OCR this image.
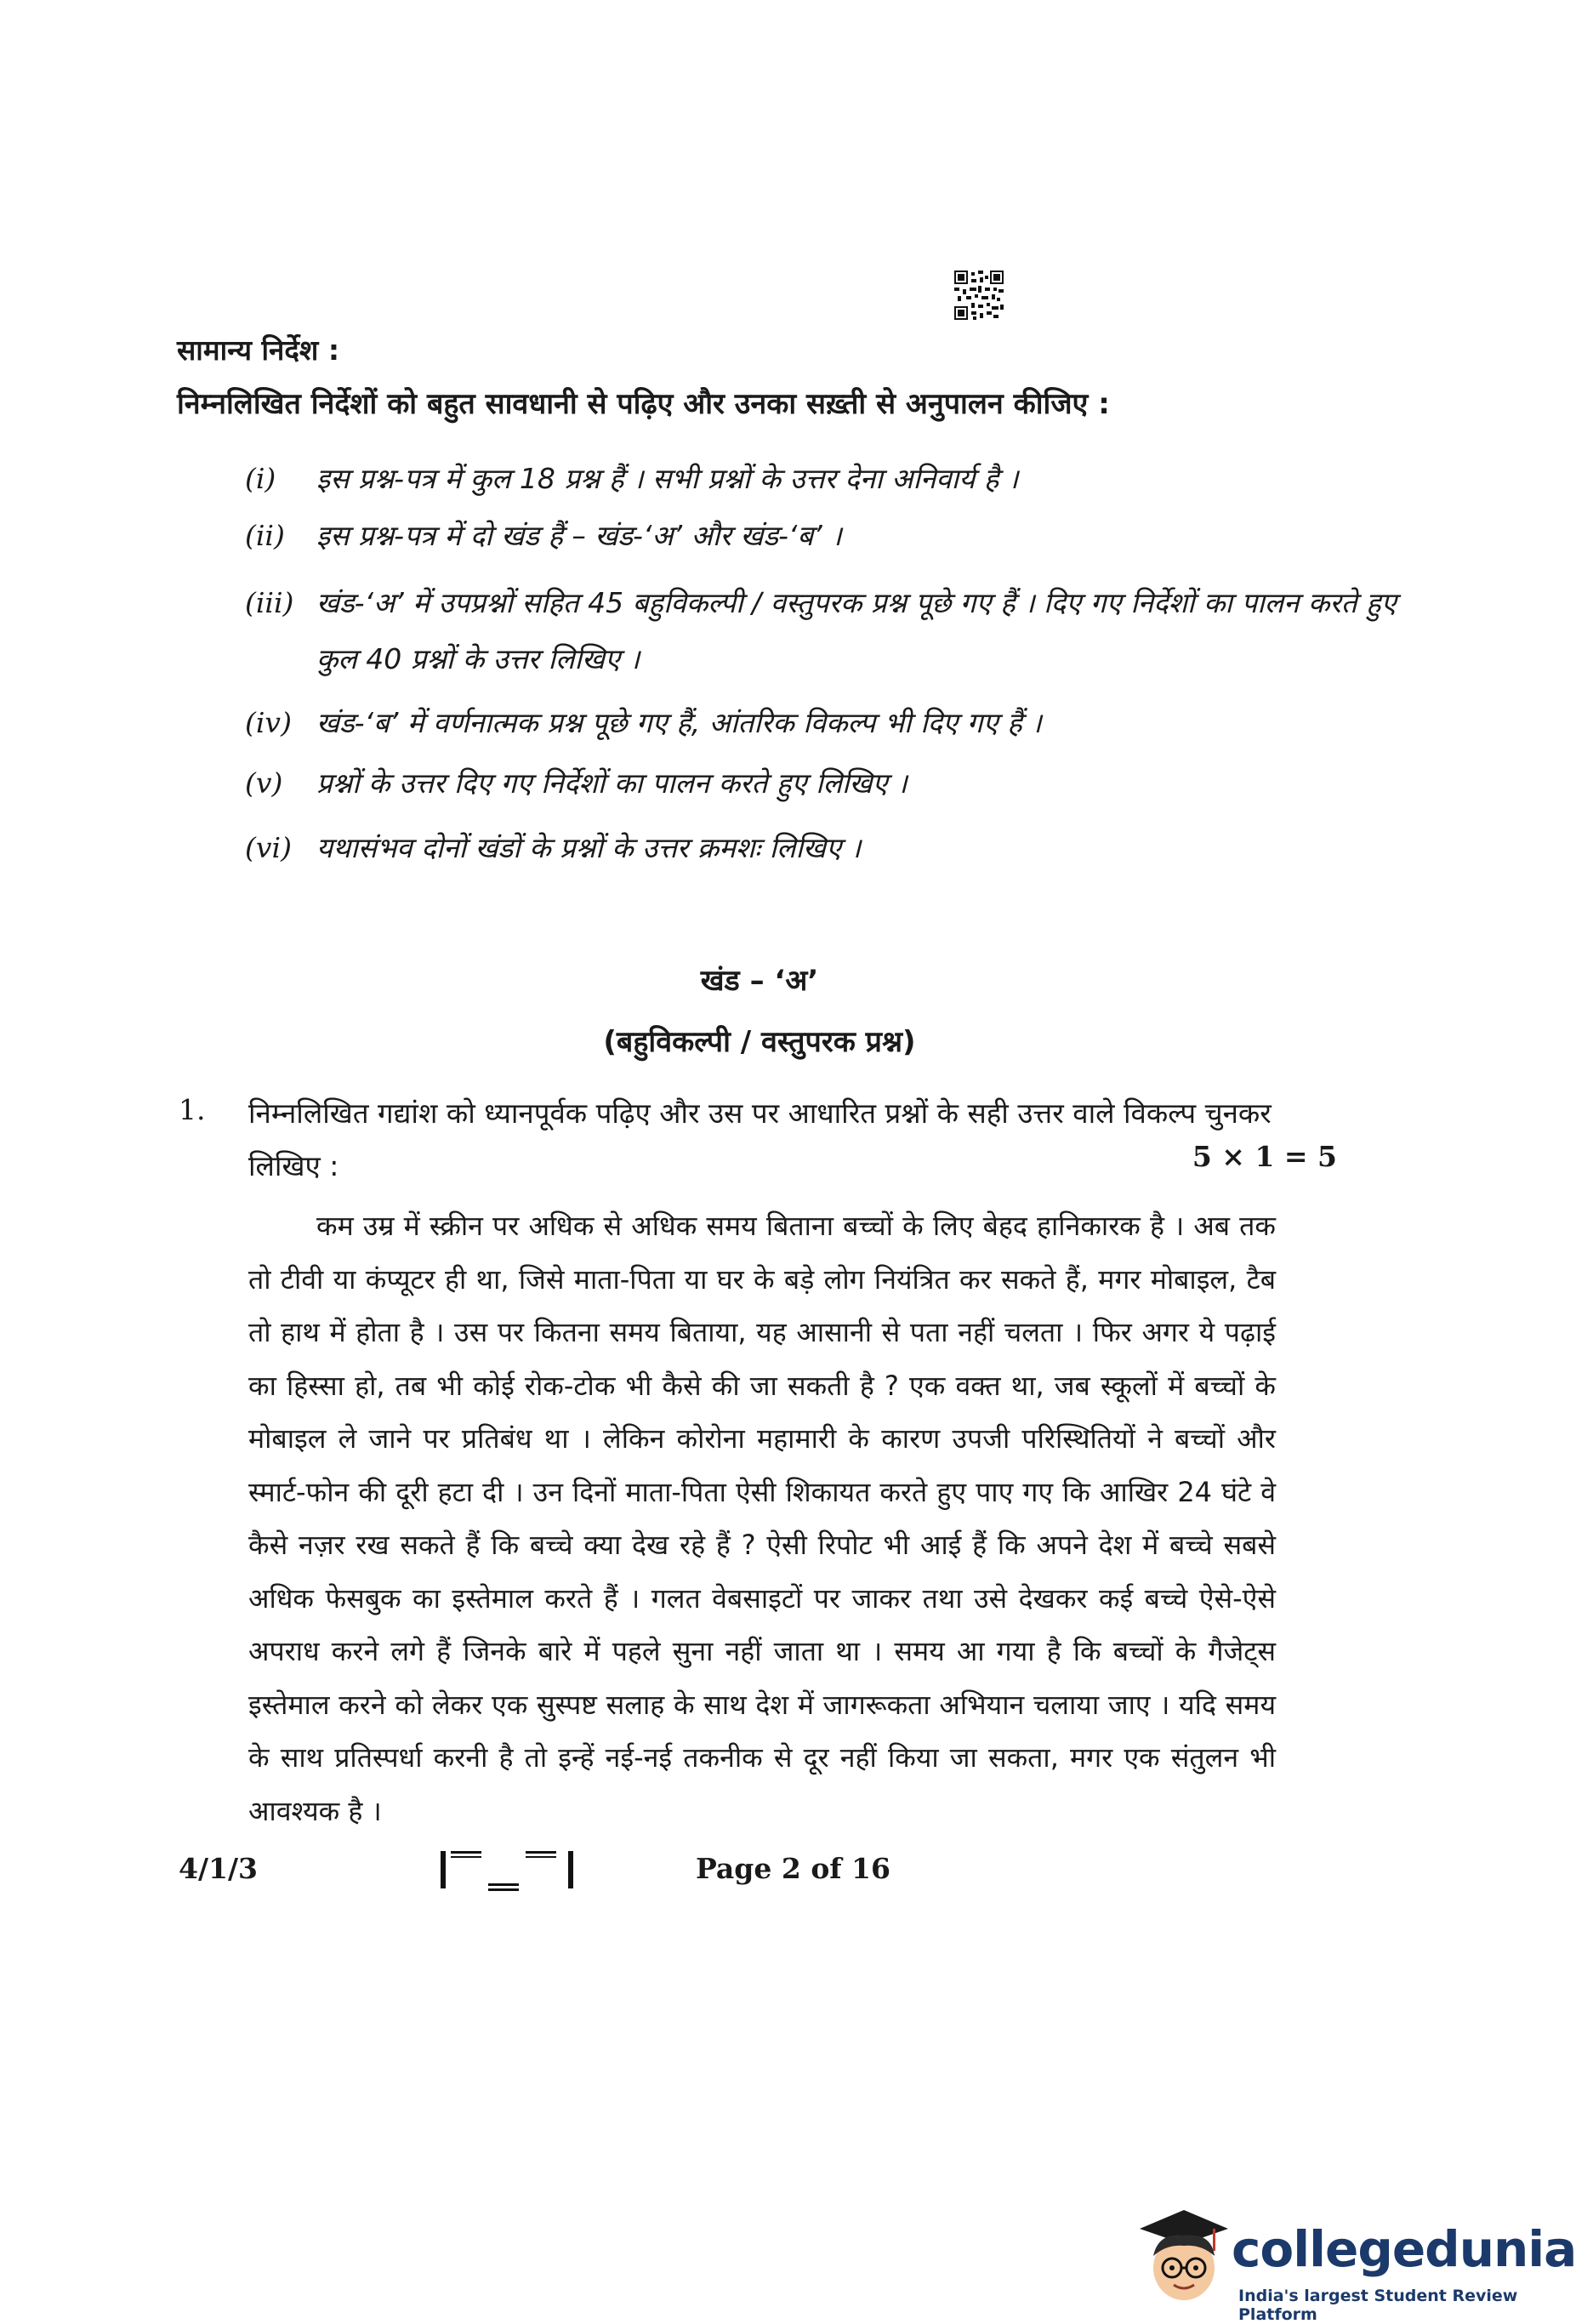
सामान्य निर्देश :
निम्नलिखित निर्देशों को बहुत सावधानी से पढ़िए और उनका सख़्ती से अनुपालन कीजिए :
(i)	इस प्रश्न-पत्र में कुल 18 प्रश्न हैं । सभी प्रश्नों के उत्तर देना अनिवार्य है ।
(ii)	इस प्रश्न-पत्र में दो खंड हैं – खंड-‘अ’ और खंड-‘ब’ ।
(iii) खंड-‘अ’ में उपप्रश्नों सहित 45 बहुविकल्पी / वस्तुपरक प्रश्न पूछे गए हैं । दिए गए निर्देशों का पालन करते हुए कुल 40 प्रश्नों के उत्तर लिखिए ।
(iv) खंड-‘ब’ में वर्णनात्मक प्रश्न पूछे गए हैं, आंतरिक विकल्प भी दिए गए हैं ।
(v)	प्रश्नों के उत्तर दिए गए निर्देशों का पालन करते हुए लिखिए ।
(vi) यथासंभव दोनों खंडों के प्रश्नों के उत्तर क्रमशः लिखिए ।
खंड – ‘अ’
(बहुविकल्पी / वस्तुपरक प्रश्न)
1. निम्नलिखित गद्यांश को ध्यानपूर्वक पढ़िए और उस पर आधारित प्रश्नों के सही उत्तर वाले विकल्प चुनकर लिखिए :	5 × 1 = 5
कम उम्र में स्क्रीन पर अधिक से अधिक समय बिताना बच्चों के लिए बेहद हानिकारक है । अब तक तो टीवी या कंप्यूटर ही था, जिसे माता-पिता या घर के बड़े लोग नियंत्रित कर सकते हैं, मगर मोबाइल, टैब तो हाथ में होता है । उस पर कितना समय बिताया, यह आसानी से पता नहीं चलता । फिर अगर ये पढ़ाई का हिस्सा हो, तब भी कोई रोक-टोक भी कैसे की जा सकती है ? एक वक्त था, जब स्कूलों में बच्चों के मोबाइल ले जाने पर प्रतिबंध था । लेकिन कोरोना महामारी के कारण उपजी परिस्थितियों ने बच्चों और स्मार्ट-फोन की दूरी हटा दी । उन दिनों माता-पिता ऐसी शिकायत करते हुए पाए गए कि आखिर 24 घंटे वे कैसे नज़र रख सकते हैं कि बच्चे क्या देख रहे हैं ? ऐसी रिपोट भी आई हैं कि अपने देश में बच्चे सबसे अधिक फेसबुक का इस्तेमाल करते हैं । गलत वेबसाइटों पर जाकर तथा उसे देखकर कई बच्चे ऐसे-ऐसे अपराध करने लगे हैं जिनके बारे में पहले सुना नहीं जाता था । समय आ गया है कि बच्चों के गैजेट्स इस्तेमाल करने को लेकर एक सुस्पष्ट सलाह के साथ देश में जागरूकता अभियान चलाया जाए । यदि समय के साथ प्रतिस्पर्धा करनी है तो इन्हें नई-नई तकनीक से दूर नहीं किया जा सकता, मगर एक संतुलन भी आवश्यक है ।
4/1/3	Page 2 of 16
collegedunia
India's largest Student Review Platform
